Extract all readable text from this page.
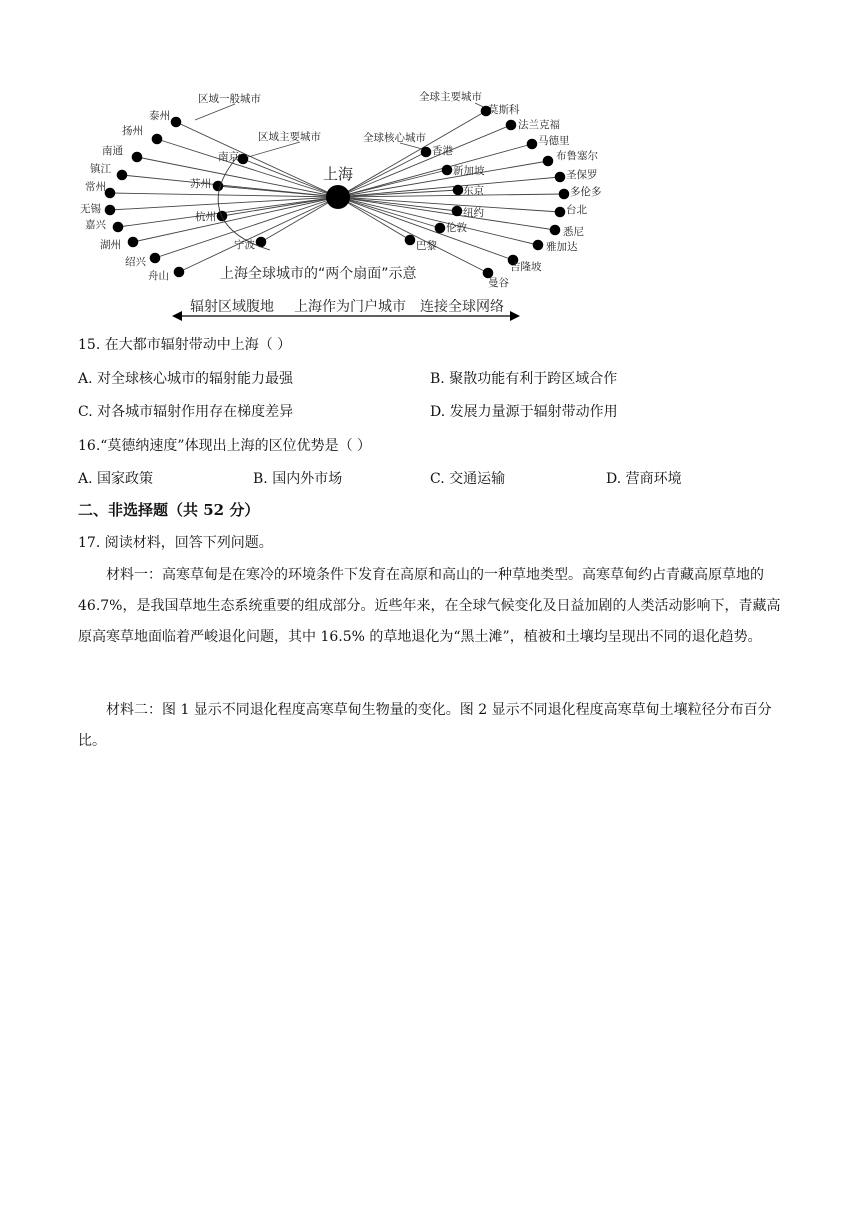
泰州
扬州
南通
镇江
常州
无锡
嘉兴
湖州
绍兴
舟山
南京
苏州
杭州
宁波
莫斯科
法兰克福
马德里
布鲁塞尔
圣保罗
多伦多
台北
悉尼
雅加达
吉隆坡
曼谷
香港
新加坡
东京
纽约
伦敦
巴黎
区域一般城市
区域主要城市
全球主要城市
全球核心城市
上海
上海全球城市的“两个扇面”示意
辐射区域腹地 上海作为门户城市 连接全球网络
15. 在大都市辐射带动中上海（ ）
A. 对全球核心城市的辐射能力最强	B. 聚散功能有利于跨区域合作
C. 对各城市辐射作用存在梯度差异	D. 发展力量源于辐射带动作用
16.“莫德纳速度”体现出上海的区位优势是（ ）
A. 国家政策	B. 国内外市场	C. 交通运输	D. 营商环境
二、非选择题（共 52 分）
17. 阅读材料，回答下列问题。
材料一：高寒草甸是在寒冷的环境条件下发育在高原和高山的一种草地类型。高寒草甸约占青藏高原草地的 46.7%，是我国草地生态系统重要的组成部分。近些年来，在全球气候变化及日益加剧的人类活动影响下，青藏高原高寒草地面临着严峻退化问题，其中 16.5% 的草地退化为“黑土滩”，植被和土壤均呈现出不同的退化趋势。
材料二：图 1 显示不同退化程度高寒草甸生物量的变化。图 2 显示不同退化程度高寒草甸土壤粒径分布百分比。
